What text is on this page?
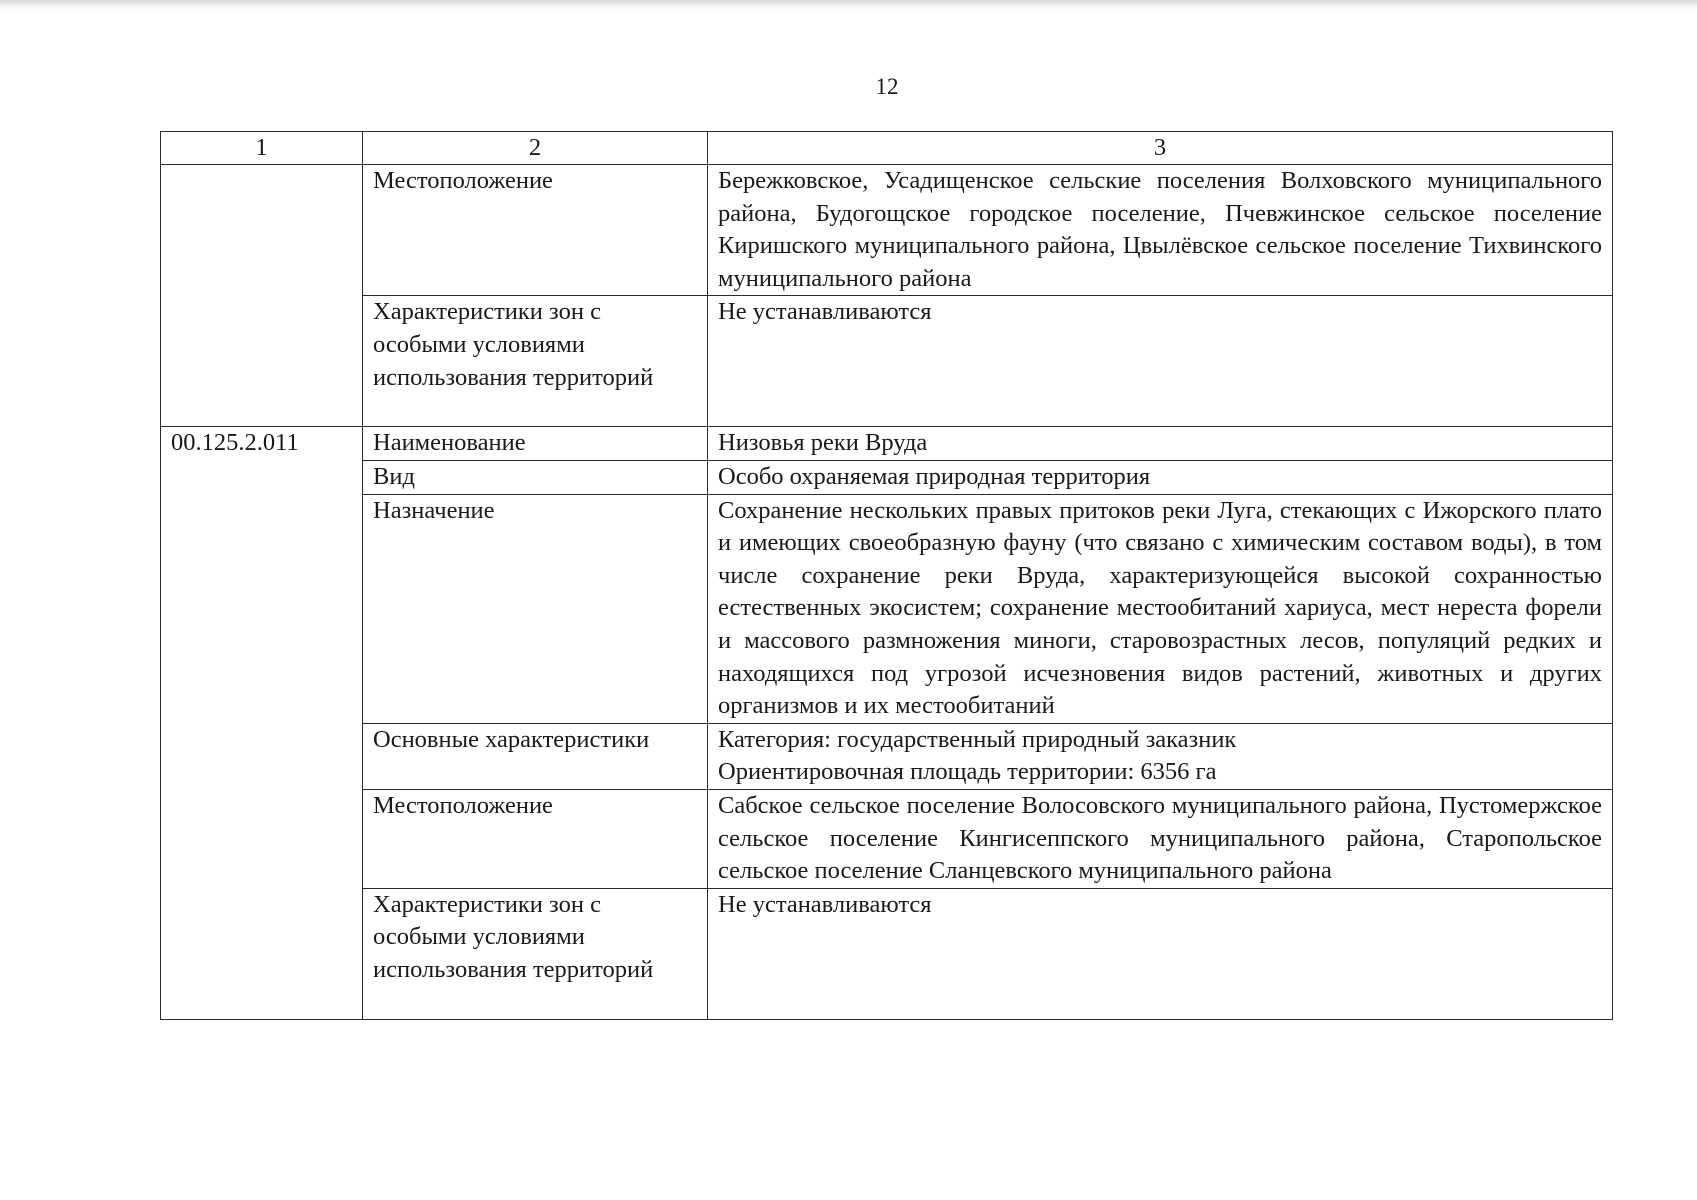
12
1	2	3
	Местоположение	Бережковское, Усадищенское сельские поселения Волховского муниципального района, Будогощское городское поселение, Пчевжинское сельское поселение Киришского муниципального района, Цвылёвское сельское поселение Тихвинского муниципального района
	Характеристики зон с особыми условиями использования территорий	Не устанавливаются
00.125.2.011	Наименование	Низовья реки Вруда
	Вид	Особо охраняемая природная территория
	Назначение	Сохранение нескольких правых притоков реки Луга, стекающих с Ижорского плато и имеющих своеобразную фауну (что связано с химическим составом воды), в том числе сохранение реки Вруда, характеризующейся высокой сохранностью естественных экосистем; сохранение местообитаний хариуса, мест нереста форели и массового размножения миноги, старовозрастных лесов, популяций редких и находящихся под угрозой исчезновения видов растений, животных и других организмов и их местообитаний
	Основные характеристики	Категория: государственный природный заказник
Ориентировочная площадь территории: 6356 га

	Местоположение	Сабское сельское поселение Волосовского муниципального района, Пустомержское сельское поселение Кингисеппского муниципального района, Старопольское сельское поселение Сланцевского муниципального района
	Характеристики зон с особыми условиями использования территорий	Не устанавливаются
